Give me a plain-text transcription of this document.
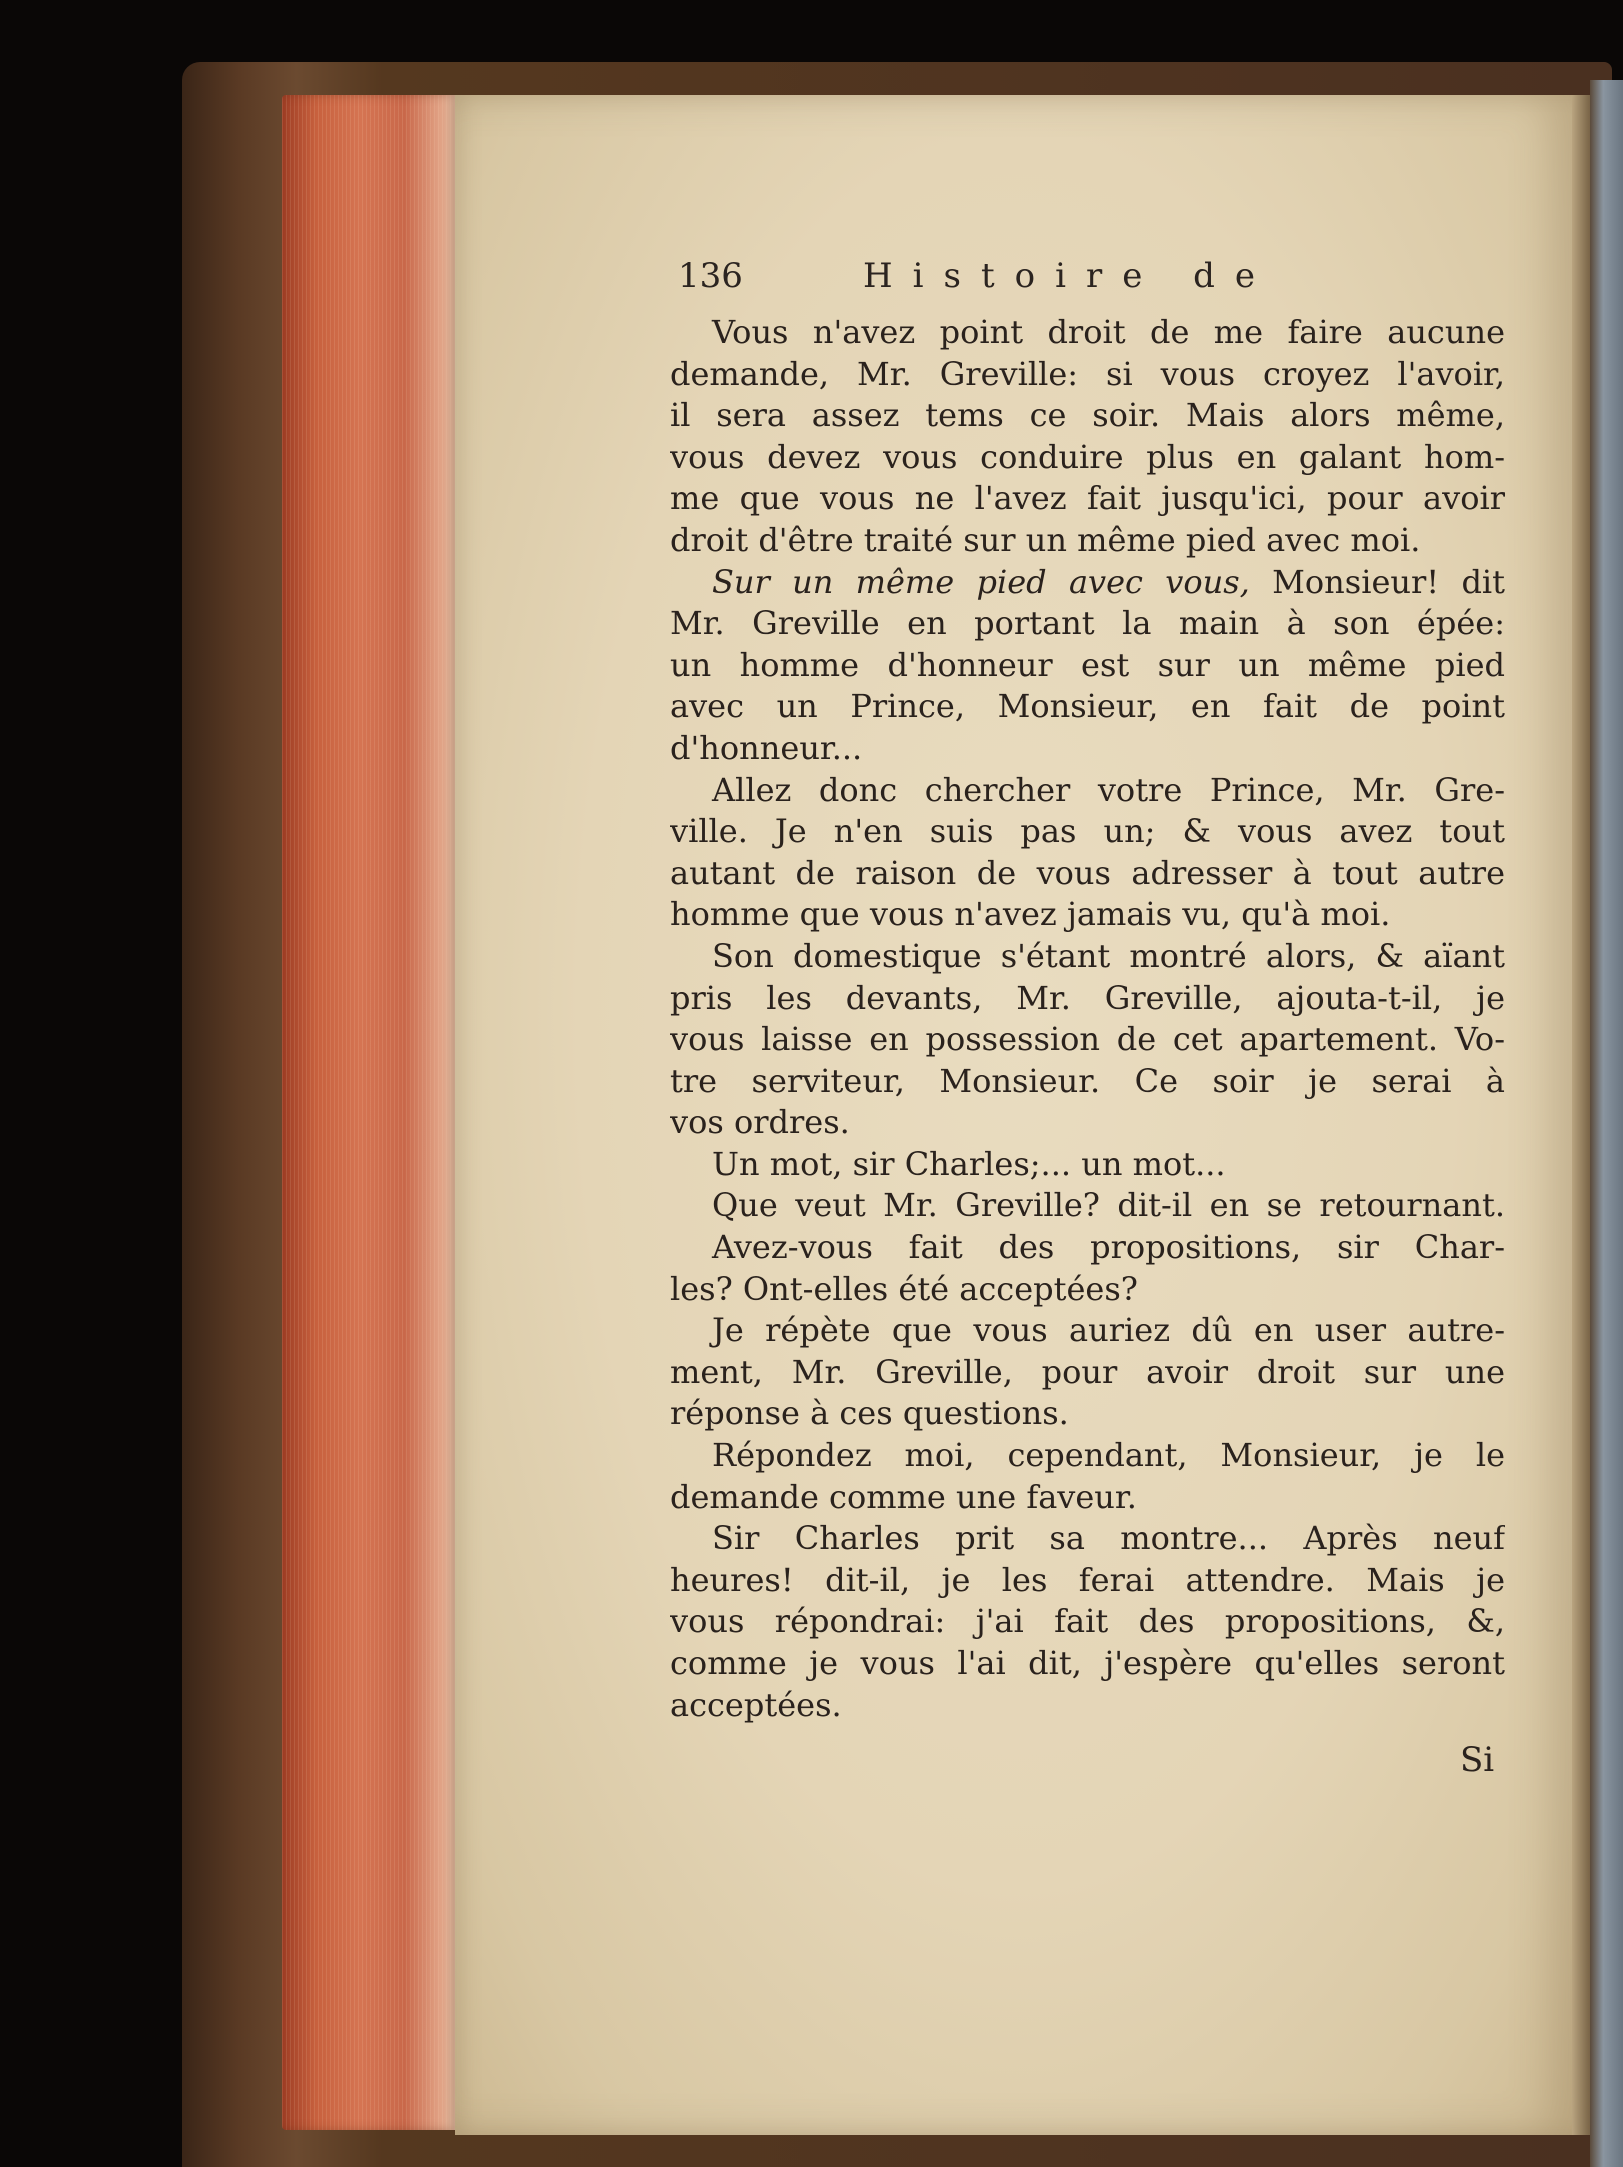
136	Histoire de
Vous n'avez point droit de me faire aucune
demande, Mr. Greville: si vous croyez l'avoir,
il sera assez tems ce soir. Mais alors même,
vous devez vous conduire plus en galant hom-
me que vous ne l'avez fait jusqu'ici, pour avoir
droit d'être traité sur un même pied avec moi.
Sur un même pied avec vous, Monsieur! dit
Mr. Greville en portant la main à son épée:
un homme d'honneur est sur un même pied
avec un Prince, Monsieur, en fait de point
d'honneur...
Allez donc chercher votre Prince, Mr. Gre-
ville. Je n'en suis pas un; & vous avez tout
autant de raison de vous adresser à tout autre
homme que vous n'avez jamais vu, qu'à moi.
Son domestique s'étant montré alors, & aïant
pris les devants, Mr. Greville, ajouta-t-il, je
vous laisse en possession de cet apartement. Vo-
tre serviteur, Monsieur. Ce soir je serai à
vos ordres.
Un mot, sir Charles;... un mot...
Que veut Mr. Greville? dit-il en se retournant.
Avez-vous fait des propositions, sir Char-
les? Ont-elles été acceptées?
Je répète que vous auriez dû en user autre-
ment, Mr. Greville, pour avoir droit sur une
réponse à ces questions.
Répondez moi, cependant, Monsieur, je le
demande comme une faveur.
Sir Charles prit sa montre... Après neuf
heures! dit-il, je les ferai attendre. Mais je
vous répondrai: j'ai fait des propositions, &,
comme je vous l'ai dit, j'espère qu'elles seront
acceptées.
Si
